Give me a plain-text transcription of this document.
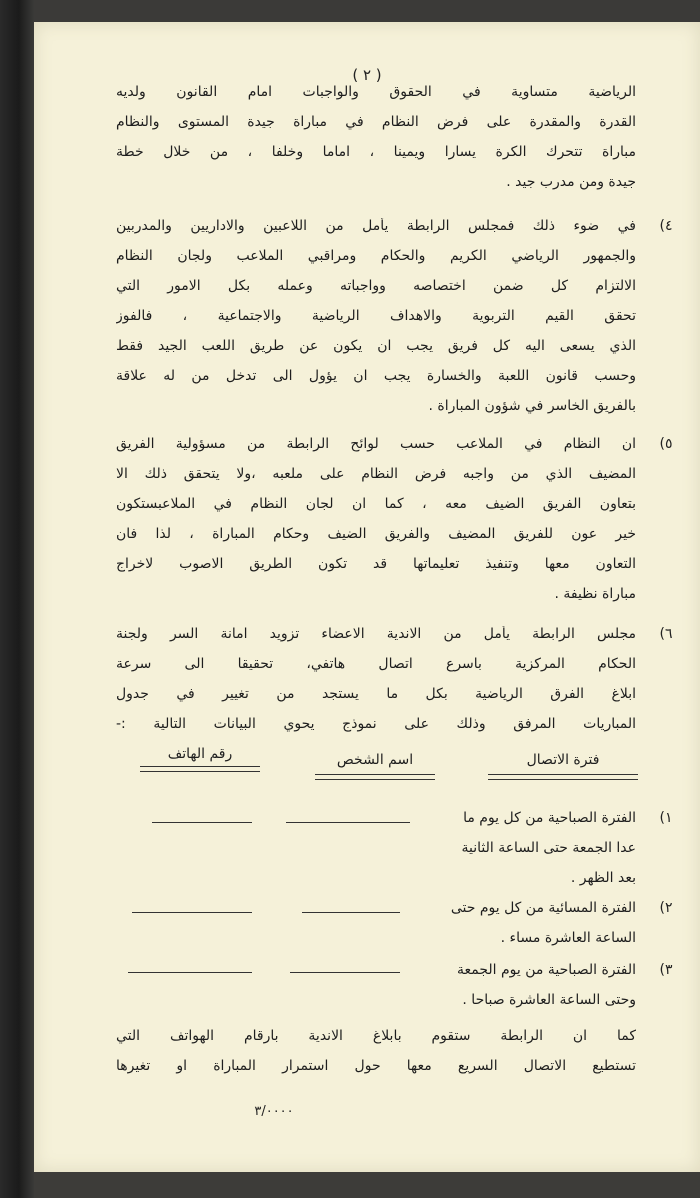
( ٢ )
الرياضية متساوية في الحقوق والواجبات امام القانون ولديه
القدرة والمقدرة على فرض النظام في مباراة جيدة المستوى والنظام
مباراة تتحرك الكرة يسارا ويمينا ، اماما وخلفا ، من خلال خطة
جيدة ومن مدرب جيد .
٤)
في ضوء ذلك فمجلس الرابطة يأمل من اللاعبين والاداريين والمدربين
والجمهور الرياضي الكريم والحكام ومراقبي الملاعب ولجان النظام
الالتزام كل ضمن اختصاصه وواجباته وعمله بكل الامور التي
تحقق القيم التربوية والاهداف الرياضية والاجتماعية ، فالفوز
الذي يسعى اليه كل فريق يجب ان يكون عن طريق اللعب الجيد فقط
وحسب قانون اللعبة والخسارة يجب ان يؤول الى تدخل من له علاقة
بالفريق الخاسر في شؤون المباراة .
٥)
ان النظام في الملاعب حسب لوائح الرابطة من مسؤولية الفريق
المضيف الذي من واجبه فرض النظام على ملعبه ،ولا يتحقق ذلك الا
بتعاون الفريق الضيف معه ، كما ان لجان النظام في الملاعبستكون
خير عون للفريق المضيف والفريق الضيف وحكام المباراة ، لذا فان
التعاون معها وتنفيذ تعليماتها قد تكون الطريق الاصوب لاخراج
مباراة نظيفة .
٦)
مجلس الرابطة يأمل من الاندية الاعضاء تزويد امانة السر ولجنة
الحكام المركزية باسرع اتصال هاتفي، تحقيقا الى سرعة
ابلاغ الفرق الرياضية بكل ما يستجد من تغيير في جدول
المباريات المرفق وذلك على نموذج يحوي البيانات التالية :-
فترة الاتصال
اسم الشخص
رقم الهاتف
١)
الفترة الصباحية من كل يوم ما
عدا الجمعة حتى الساعة الثانية
بعد الظهر .
٢)
الفترة المسائية من كل يوم حتى
الساعة العاشرة مساء .
٣)
الفترة الصباحية من يوم الجمعة
وحتى الساعة العاشرة صباحا .
كما ان الرابطة ستقوم بابلاغ الاندية بارقام الهواتف التي
تستطيع الاتصال السريع معها حول استمرار المباراة او تغيرها
٣/٠٠٠٠
